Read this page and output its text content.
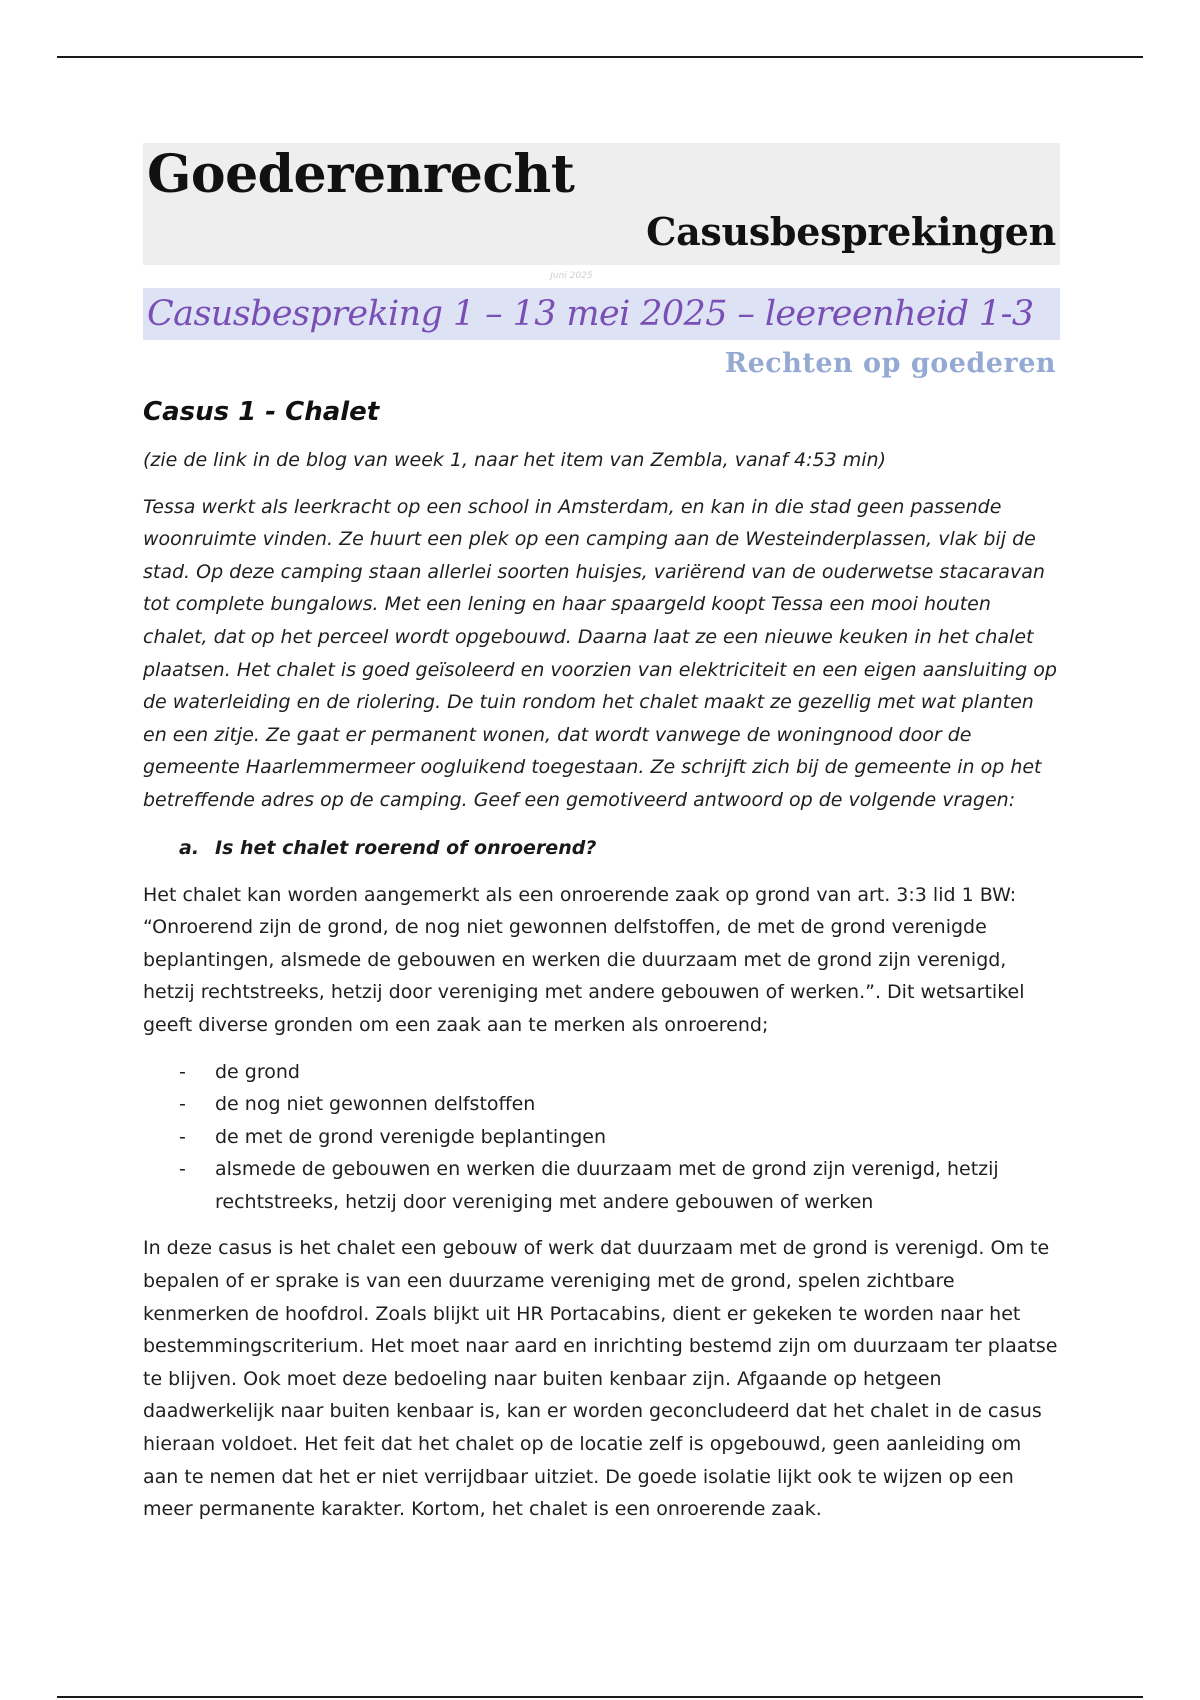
Goederenrecht
Casusbesprekingen
Juni 2025
Casusbespreking 1 – 13 mei 2025 – leereenheid 1-3
Rechten op goederen
Casus 1 - Chalet

(zie de link in de blog van week 1, naar het item van Zembla, vanaf 4:53 min)

Tessa werkt als leerkracht op een school in Amsterdam, en kan in die stad geen passende woonruimte vinden. Ze huurt een plek op een camping aan de Westeinderplassen, vlak bij de stad. Op deze camping staan allerlei soorten huisjes, variërend van de ouderwetse stacaravan tot complete bungalows. Met een lening en haar spaargeld koopt Tessa een mooi houten chalet, dat op het perceel wordt opgebouwd. Daarna laat ze een nieuwe keuken in het chalet plaatsen. Het chalet is goed geïsoleerd en voorzien van elektriciteit en een eigen aansluiting op de waterleiding en de riolering. De tuin rondom het chalet maakt ze gezellig met wat planten en een zitje. Ze gaat er permanent wonen, dat wordt vanwege de woningnood door de gemeente Haarlemmermeer oogluikend toegestaan. Ze schrijft zich bij de gemeente in op het betreffende adres op de camping. Geef een gemotiveerd antwoord op de volgende vragen:

a. Is het chalet roerend of onroerend?

Het chalet kan worden aangemerkt als een onroerende zaak op grond van art. 3:3 lid 1 BW: “Onroerend zijn de grond, de nog niet gewonnen delfstoffen, de met de grond verenigde beplantingen, alsmede de gebouwen en werken die duurzaam met de grond zijn verenigd, hetzij rechtstreeks, hetzij door vereniging met andere gebouwen of werken.”. Dit wetsartikel geeft diverse gronden om een zaak aan te merken als onroerend;

-	de grond
-	de nog niet gewonnen delfstoffen
-	de met de grond verenigde beplantingen
-	alsmede de gebouwen en werken die duurzaam met de grond zijn verenigd, hetzij rechtstreeks, hetzij door vereniging met andere gebouwen of werken

In deze casus is het chalet een gebouw of werk dat duurzaam met de grond is verenigd. Om te bepalen of er sprake is van een duurzame vereniging met de grond, spelen zichtbare kenmerken de hoofdrol. Zoals blijkt uit HR Portacabins, dient er gekeken te worden naar het bestemmingscriterium. Het moet naar aard en inrichting bestemd zijn om duurzaam ter plaatse te blijven. Ook moet deze bedoeling naar buiten kenbaar zijn. Afgaande op hetgeen daadwerkelijk naar buiten kenbaar is, kan er worden geconcludeerd dat het chalet in de casus hieraan voldoet. Het feit dat het chalet op de locatie zelf is opgebouwd, geen aanleiding om aan te nemen dat het er niet verrijdbaar uitziet. De goede isolatie lijkt ook te wijzen op een meer permanente karakter. Kortom, het chalet is een onroerende zaak.
